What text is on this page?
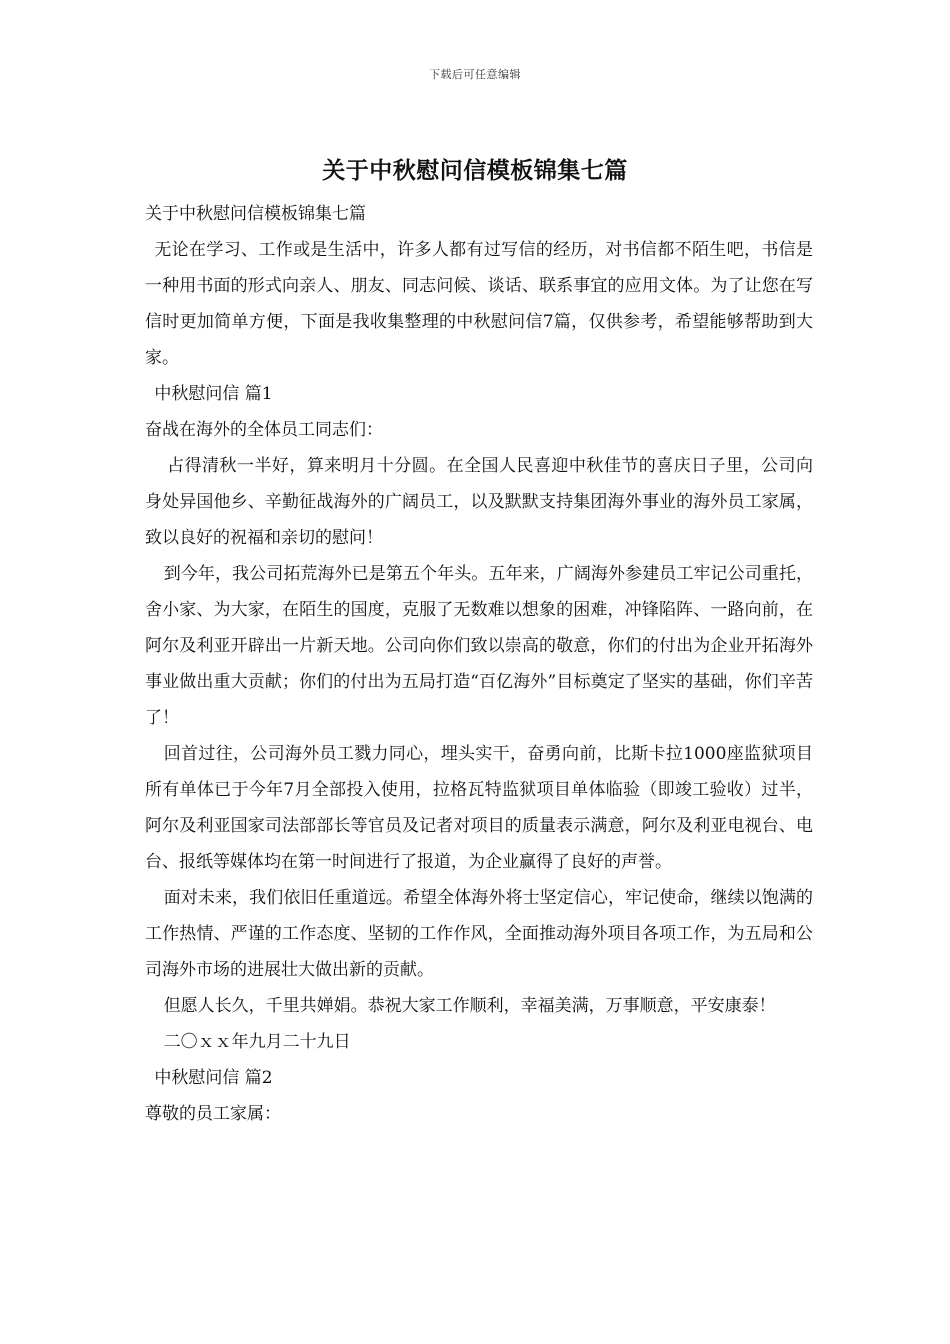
下载后可任意编辑
关于中秋慰问信模板锦集七篇

关于中秋慰问信模板锦集七篇

无论在学习、工作或是生活中，许多人都有过写信的经历，对书信都不陌生吧，书信是一种用书面的形式向亲人、朋友、同志问候、谈话、联系事宜的应用文体。为了让您在写信时更加简单方便，下面是我收集整理的中秋慰问信7篇，仅供参考，希望能够帮助到大家。

中秋慰问信 篇1

奋战在海外的全体员工同志们：

占得清秋一半好，算来明月十分圆。在全国人民喜迎中秋佳节的喜庆日子里，公司向身处异国他乡、辛勤征战海外的广阔员工，以及默默支持集团海外事业的海外员工家属，致以良好的祝福和亲切的慰问！

到今年，我公司拓荒海外已是第五个年头。五年来，广阔海外参建员工牢记公司重托，舍小家、为大家，在陌生的国度，克服了无数难以想象的困难，冲锋陷阵、一路向前，在阿尔及利亚开辟出一片新天地。公司向你们致以崇高的敬意，你们的付出为企业开拓海外事业做出重大贡献；你们的付出为五局打造“百亿海外”目标奠定了坚实的基础，你们辛苦了！

回首过往，公司海外员工戮力同心，埋头实干，奋勇向前，比斯卡拉1000座监狱项目所有单体已于今年7月全部投入使用，拉格瓦特监狱项目单体临验（即竣工验收）过半，阿尔及利亚国家司法部部长等官员及记者对项目的质量表示满意，阿尔及利亚电视台、电台、报纸等媒体均在第一时间进行了报道，为企业赢得了良好的声誉。

面对未来，我们依旧任重道远。希望全体海外将士坚定信心，牢记使命，继续以饱满的工作热情、严谨的工作态度、坚韧的工作作风，全面推动海外项目各项工作，为五局和公司海外市场的进展壮大做出新的贡献。

但愿人长久，千里共婵娟。恭祝大家工作顺利，幸福美满，万事顺意，平安康泰！

二〇ｘｘ年九月二十九日

中秋慰问信 篇2

尊敬的员工家属：
